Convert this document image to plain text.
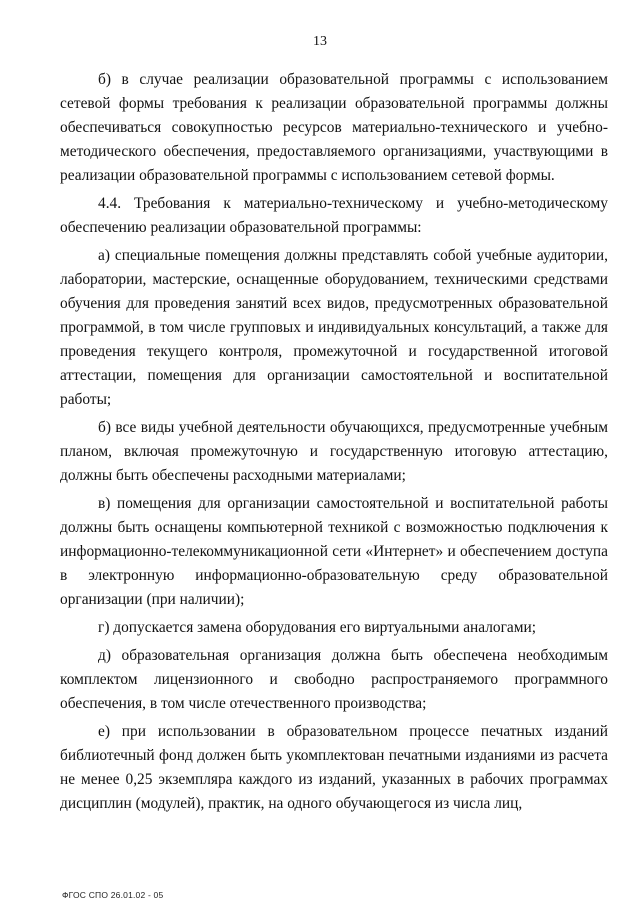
13

б) в случае реализации образовательной программы с использованием сетевой формы требования к реализации образовательной программы должны обеспечиваться совокупностью ресурсов материально-технического и учебно-методического обеспечения, предоставляемого организациями, участвующими в реализации образовательной программы с использованием сетевой формы.

4.4. Требования к материально-техническому и учебно-методическому обеспечению реализации образовательной программы:

а) специальные помещения должны представлять собой учебные аудитории, лаборатории, мастерские, оснащенные оборудованием, техническими средствами обучения для проведения занятий всех видов, предусмотренных образовательной программой, в том числе групповых и индивидуальных консультаций, а также для проведения текущего контроля, промежуточной и государственной итоговой аттестации, помещения для организации самостоятельной и воспитательной работы;

б) все виды учебной деятельности обучающихся, предусмотренные учебным планом, включая промежуточную и государственную итоговую аттестацию, должны быть обеспечены расходными материалами;

в) помещения для организации самостоятельной и воспитательной работы должны быть оснащены компьютерной техникой с возможностью подключения к информационно-телекоммуникационной сети «Интернет» и обеспечением доступа в электронную информационно-образовательную среду образовательной организации (при наличии);

г) допускается замена оборудования его виртуальными аналогами;

д) образовательная организация должна быть обеспечена необходимым комплектом лицензионного и свободно распространяемого программного обеспечения, в том числе отечественного производства;

е) при использовании в образовательном процессе печатных изданий библиотечный фонд должен быть укомплектован печатными изданиями из расчета не менее 0,25 экземпляра каждого из изданий, указанных в рабочих программах дисциплин (модулей), практик, на одного обучающегося из числа лиц,

ФГОС СПО 26.01.02 - 05
